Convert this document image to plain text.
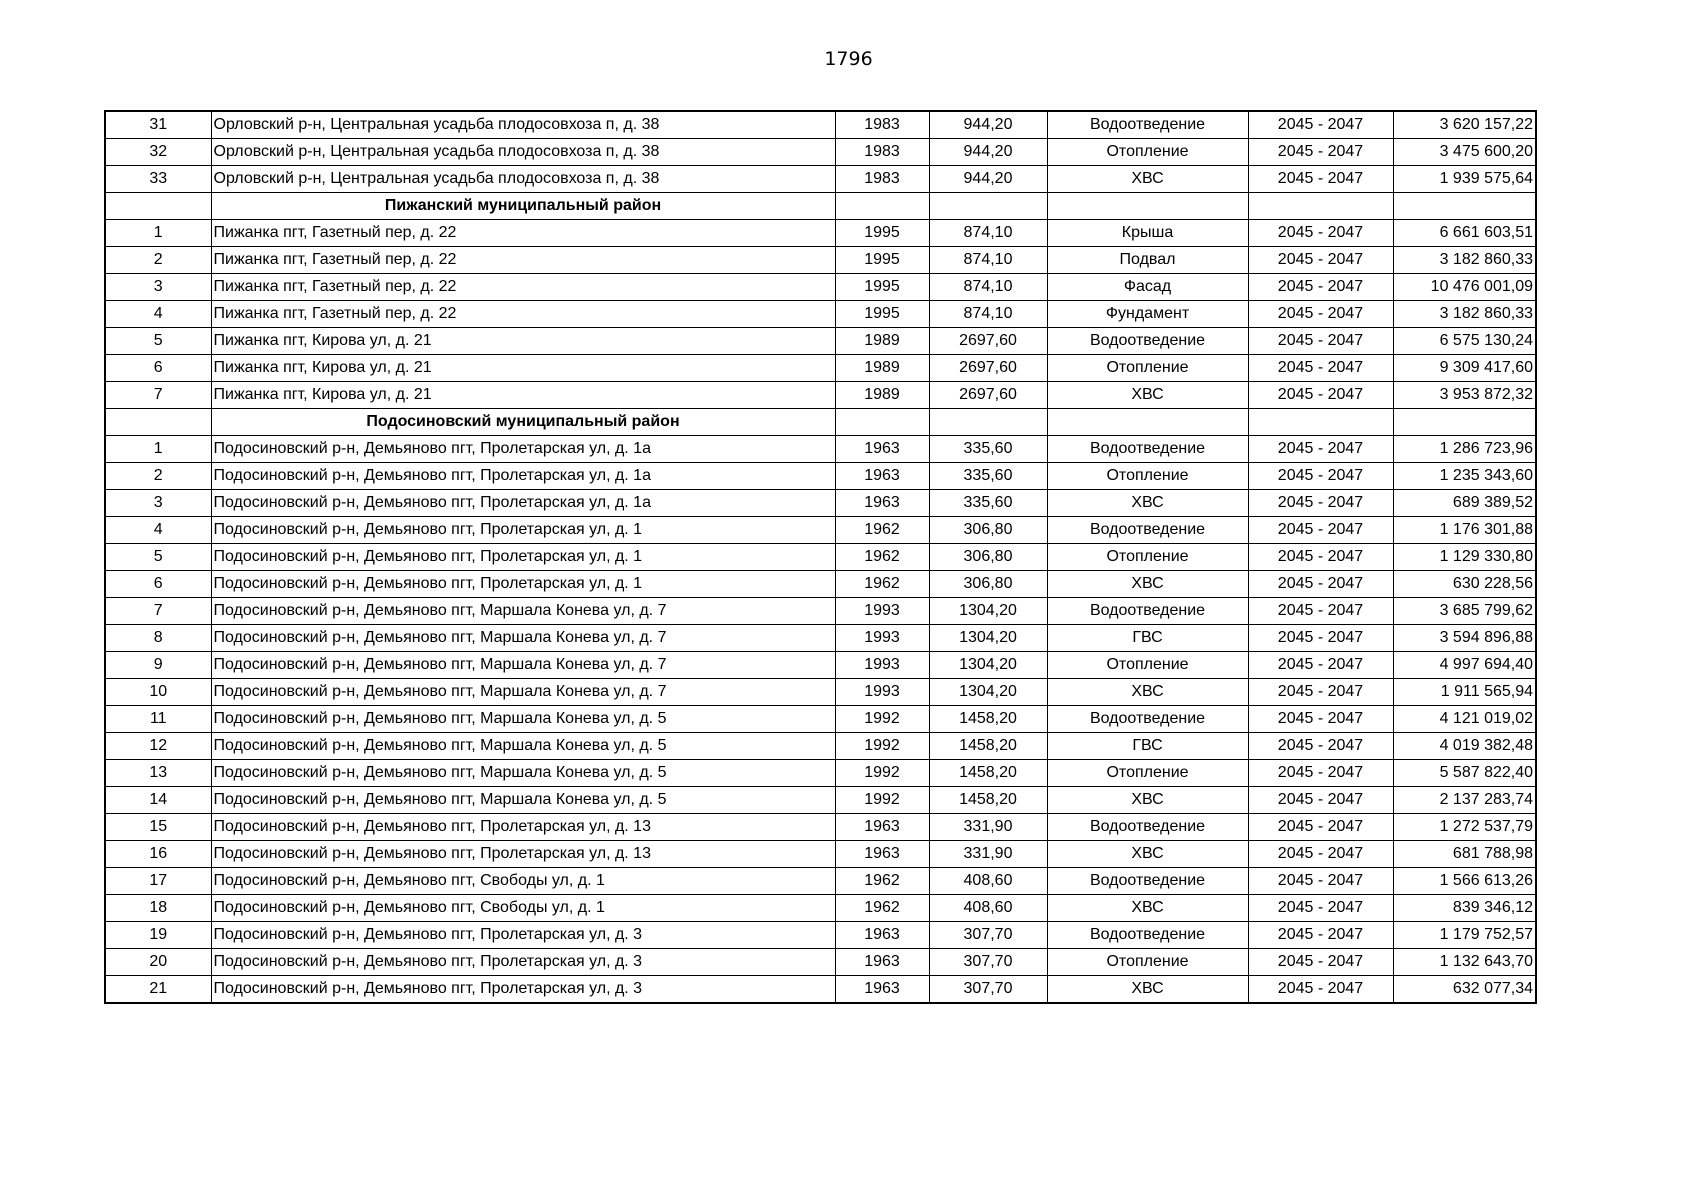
1796
31	Орловский р-н, Центральная усадьба плодосовхоза п, д. 38	1983	944,20	Водоотведение	2045 - 2047	3 620 157,22
32	Орловский р-н, Центральная усадьба плодосовхоза п, д. 38	1983	944,20	Отопление	2045 - 2047	3 475 600,20
33	Орловский р-н, Центральная усадьба плодосовхоза п, д. 38	1983	944,20	ХВС	2045 - 2047	1 939 575,64
	Пижанский муниципальный район					
1	Пижанка пгт, Газетный пер, д. 22	1995	874,10	Крыша	2045 - 2047	6 661 603,51
2	Пижанка пгт, Газетный пер, д. 22	1995	874,10	Подвал	2045 - 2047	3 182 860,33
3	Пижанка пгт, Газетный пер, д. 22	1995	874,10	Фасад	2045 - 2047	10 476 001,09
4	Пижанка пгт, Газетный пер, д. 22	1995	874,10	Фундамент	2045 - 2047	3 182 860,33
5	Пижанка пгт, Кирова ул, д. 21	1989	2697,60	Водоотведение	2045 - 2047	6 575 130,24
6	Пижанка пгт, Кирова ул, д. 21	1989	2697,60	Отопление	2045 - 2047	9 309 417,60
7	Пижанка пгт, Кирова ул, д. 21	1989	2697,60	ХВС	2045 - 2047	3 953 872,32
	Подосиновский муниципальный район					
1	Подосиновский р-н, Демьяново пгт, Пролетарская ул, д. 1а	1963	335,60	Водоотведение	2045 - 2047	1 286 723,96
2	Подосиновский р-н, Демьяново пгт, Пролетарская ул, д. 1а	1963	335,60	Отопление	2045 - 2047	1 235 343,60
3	Подосиновский р-н, Демьяново пгт, Пролетарская ул, д. 1а	1963	335,60	ХВС	2045 - 2047	689 389,52
4	Подосиновский р-н, Демьяново пгт, Пролетарская ул, д. 1	1962	306,80	Водоотведение	2045 - 2047	1 176 301,88
5	Подосиновский р-н, Демьяново пгт, Пролетарская ул, д. 1	1962	306,80	Отопление	2045 - 2047	1 129 330,80
6	Подосиновский р-н, Демьяново пгт, Пролетарская ул, д. 1	1962	306,80	ХВС	2045 - 2047	630 228,56
7	Подосиновский р-н, Демьяново пгт, Маршала Конева ул, д. 7	1993	1304,20	Водоотведение	2045 - 2047	3 685 799,62
8	Подосиновский р-н, Демьяново пгт, Маршала Конева ул, д. 7	1993	1304,20	ГВС	2045 - 2047	3 594 896,88
9	Подосиновский р-н, Демьяново пгт, Маршала Конева ул, д. 7	1993	1304,20	Отопление	2045 - 2047	4 997 694,40
10	Подосиновский р-н, Демьяново пгт, Маршала Конева ул, д. 7	1993	1304,20	ХВС	2045 - 2047	1 911 565,94
11	Подосиновский р-н, Демьяново пгт, Маршала Конева ул, д. 5	1992	1458,20	Водоотведение	2045 - 2047	4 121 019,02
12	Подосиновский р-н, Демьяново пгт, Маршала Конева ул, д. 5	1992	1458,20	ГВС	2045 - 2047	4 019 382,48
13	Подосиновский р-н, Демьяново пгт, Маршала Конева ул, д. 5	1992	1458,20	Отопление	2045 - 2047	5 587 822,40
14	Подосиновский р-н, Демьяново пгт, Маршала Конева ул, д. 5	1992	1458,20	ХВС	2045 - 2047	2 137 283,74
15	Подосиновский р-н, Демьяново пгт, Пролетарская ул, д. 13	1963	331,90	Водоотведение	2045 - 2047	1 272 537,79
16	Подосиновский р-н, Демьяново пгт, Пролетарская ул, д. 13	1963	331,90	ХВС	2045 - 2047	681 788,98
17	Подосиновский р-н, Демьяново пгт, Свободы ул, д. 1	1962	408,60	Водоотведение	2045 - 2047	1 566 613,26
18	Подосиновский р-н, Демьяново пгт, Свободы ул, д. 1	1962	408,60	ХВС	2045 - 2047	839 346,12
19	Подосиновский р-н, Демьяново пгт, Пролетарская ул, д. 3	1963	307,70	Водоотведение	2045 - 2047	1 179 752,57
20	Подосиновский р-н, Демьяново пгт, Пролетарская ул, д. 3	1963	307,70	Отопление	2045 - 2047	1 132 643,70
21	Подосиновский р-н, Демьяново пгт, Пролетарская ул, д. 3	1963	307,70	ХВС	2045 - 2047	632 077,34
